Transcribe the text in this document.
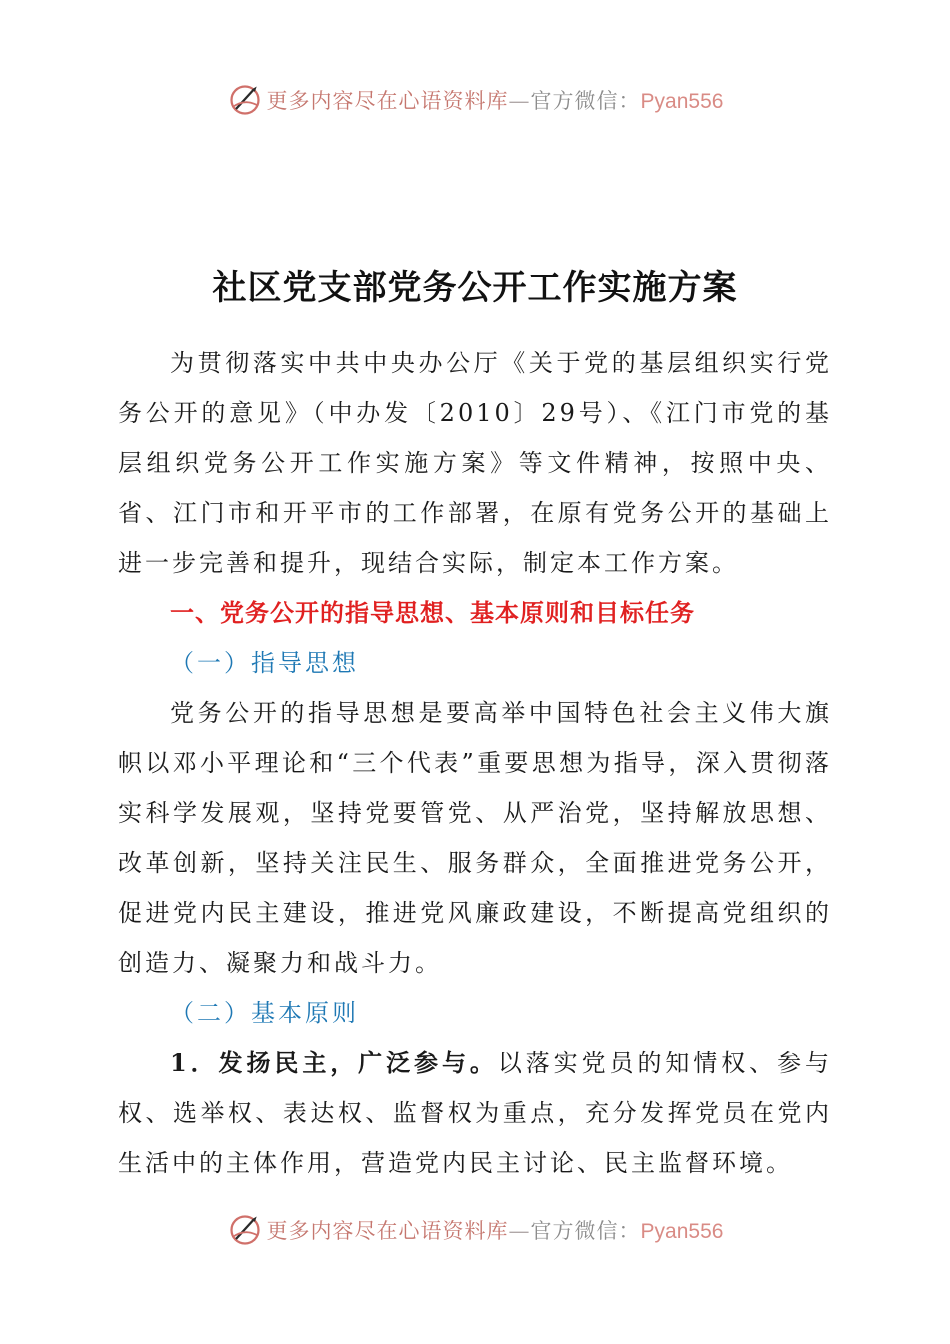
更多内容尽在心语资料库—官方微信：Pyan556
社区党支部党务公开工作实施方案

为贯彻落实中共中央办公厅《关于党的基层组织实行党务公开的意见》（中办发〔2010〕29号）、《江门市党的基层组织党务公开工作实施方案》等文件精神，按照中央、省、江门市和开平市的工作部署，在原有党务公开的基础上进一步完善和提升，现结合实际，制定本工作方案。

一、党务公开的指导思想、基本原则和目标任务
（一）指导思想

党务公开的指导思想是要高举中国特色社会主义伟大旗帜以邓小平理论和“三个代表”重要思想为指导，深入贯彻落实科学发展观，坚持党要管党、从严治党，坚持解放思想、改革创新，坚持关注民生、服务群众，全面推进党务公开，促进党内民主建设，推进党风廉政建设，不断提高党组织的创造力、凝聚力和战斗力。

（二）基本原则

1．发扬民主，广泛参与。以落实党员的知情权、参与权、选举权、表达权、监督权为重点，充分发挥党员在党内生活中的主体作用，营造党内民主讨论、民主监督环境。

更多内容尽在心语资料库—官方微信：Pyan556
